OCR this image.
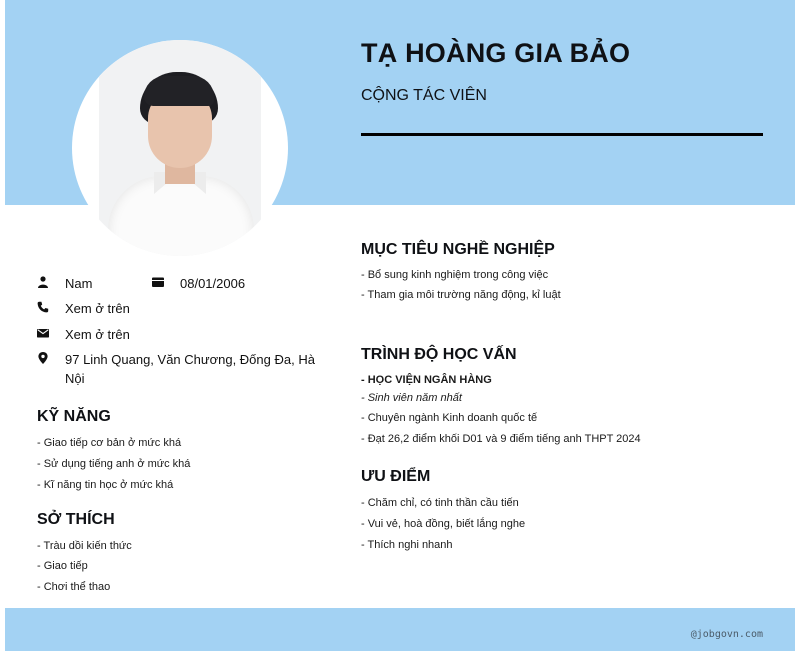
TẠ HOÀNG GIA BẢO
CỘNG TÁC VIÊN
Nam	08/01/2006
Xem ở trên
Xem ở trên
97 Linh Quang, Văn Chương, Đống Đa, Hà
Nội
KỸ NĂNG
- Giao tiếp cơ bản ở mức khá
- Sử dụng tiếng anh ở mức khá
- Kĩ năng tin học ở mức khá
SỞ THÍCH
- Tràu dồi kiến thức
- Giao tiếp
- Chơi thể thao
MỤC TIÊU NGHỀ NGHIỆP
- Bổ sung kinh nghiệm trong công việc
- Tham gia môi trường năng động, kỉ luật
TRÌNH ĐỘ HỌC VẤN
- HỌC VIỆN NGÂN HÀNG
- Sinh viên năm nhất
- Chuyên ngành Kinh doanh quốc tế
- Đạt 26,2 điểm khối D01 và 9 điểm tiếng anh THPT 2024
ƯU ĐIỂM
- Chăm chỉ, có tinh thần cầu tiến
- Vui vẻ, hoà đồng, biết lắng nghe
- Thích nghi nhanh
@jobgovn.com
